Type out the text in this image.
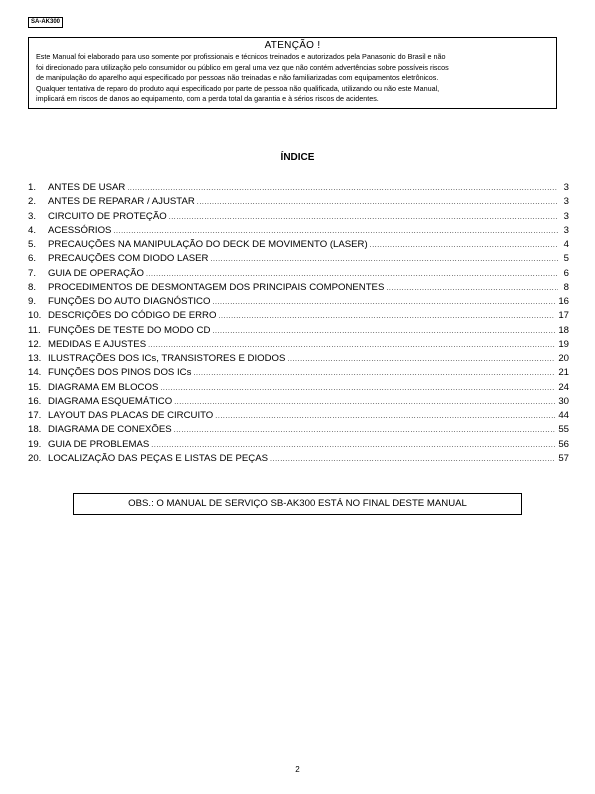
SA-AK300
ATENÇÃO !
Este Manual foi elaborado para uso somente por profissionais e técnicos treinados e autorizados pela Panasonic do Brasil e não
foi direcionado para utilização pelo consumidor ou público em geral uma vez que não contém advertências sobre possíveis riscos
de manipulação do aparelho aqui especificado por pessoas não treinadas e não familiarizadas com equipamentos eletrônicos.
Qualquer tentativa de reparo do produto aqui especificado por parte de pessoa não qualificada, utilizando ou não este Manual,
implicará em riscos de danos ao equipamento, com a perda total da garantia e à sérios riscos de acidentes.
ÍNDICE
1.	ANTES DE USAR .....	3
2.	ANTES DE REPARAR / AJUSTAR .....	3
3.	CIRCUITO DE PROTEÇÃO .....	3
4.	ACESSÓRIOS .....	3
5.	PRECAUÇÕES NA MANIPULAÇÃO DO DECK DE MOVIMENTO (LASER) .....	4
6.	PRECAUÇÕES COM DIODO LASER .....	5
7.	GUIA DE OPERAÇÃO .....	6
8.	PROCEDIMENTOS DE DESMONTAGEM DOS PRINCIPAIS COMPONENTES .....	8
9.	FUNÇÕES DO AUTO DIAGNÓSTICO .....	16
10. DESCRIÇÕES DO CÓDIGO DE ERRO .....	17
11. FUNÇÕES DE TESTE DO MODO CD .....	18
12. MEDIDAS E AJUSTES .....	19
13. ILUSTRAÇÕES DOS ICs, TRANSISTORES E DIODOS .....	20
14. FUNÇÕES DOS PINOS DOS ICs .....	21
15. DIAGRAMA EM BLOCOS .....	24
16. DIAGRAMA ESQUEMÁTICO .....	30
17. LAYOUT DAS PLACAS DE CIRCUITO .....	44
18. DIAGRAMA DE CONEXÕES .....	55
19. GUIA DE PROBLEMAS .....	56
20. LOCALIZAÇÃO DAS PEÇAS E LISTAS DE PEÇAS .....	57
OBS.: O MANUAL DE SERVIÇO SB-AK300 ESTÁ NO FINAL DESTE MANUAL
2
